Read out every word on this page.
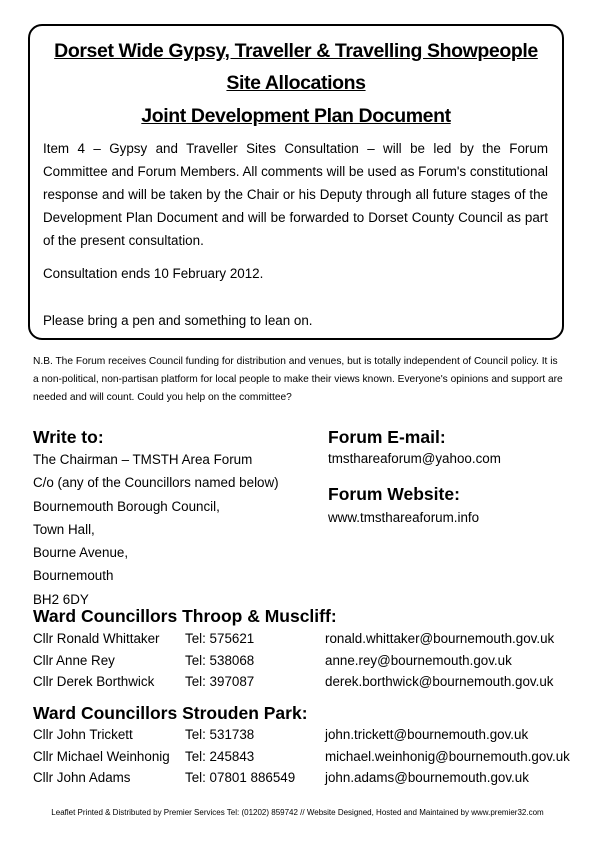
Dorset Wide Gypsy, Traveller & Travelling Showpeople
Site Allocations
Joint Development Plan Document

Item 4 – Gypsy and Traveller Sites Consultation – will be led by the Forum Committee and Forum Members. All comments will be used as Forum's constitutional response and will be taken by the Chair or his Deputy through all future stages of the Development Plan Document and will be forwarded to Dorset County Council as part of the present consultation.

Consultation ends 10 February 2012.

Please bring a pen and something to lean on.

N.B. The Forum receives Council funding for distribution and venues, but is totally independent of Council policy. It is a non-political, non-partisan platform for local people to make their views known. Everyone's opinions and support are needed and will count. Could you help on the committee?

Write to:
The Chairman – TMSTH Area Forum
C/o (any of the Councillors named below)
Bournemouth Borough Council,
Town Hall,
Bourne Avenue,
Bournemouth
BH2 6DY
Forum E-mail:

tmsthareaforum@yahoo.com

Forum Website:

www.tmsthareaforum.info

Ward Councillors Throop & Muscliff:
Cllr Ronald Whittaker Tel: 575621	ronald.whittaker@bournemouth.gov.uk
Cllr Anne Rey	Tel: 538068	anne.rey@bournemouth.gov.uk
Cllr Derek Borthwick Tel: 397087	derek.borthwick@bournemouth.gov.uk
Ward Councillors Strouden Park:
Cllr John Trickett	Tel: 531738	john.trickett@bournemouth.gov.uk
Cllr Michael Weinhonig Tel: 245843	michael.weinhonig@bournemouth.gov.uk
Cllr John Adams	Tel: 07801 886549 john.adams@bournemouth.gov.uk

Leaflet Printed & Distributed by Premier Services Tel: (01202) 859742 // Website Designed, Hosted and Maintained by www.premier32.com
